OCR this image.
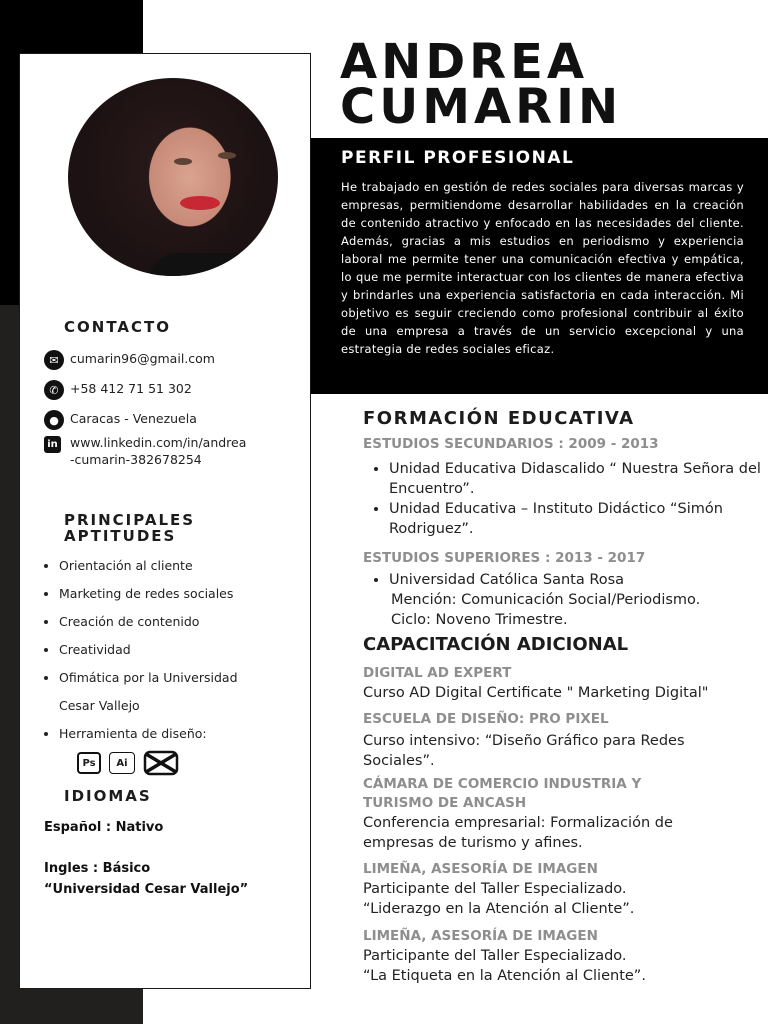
CONTACTO
✉ cumarin96@gmail.com
✆ +58 412 71 51 302
● Caracas - Venezuela
in www.linkedin.com/in/andrea
-cumarin-382678254
PRINCIPALES
APTITUDES
• Orientación al cliente
• Marketing de redes sociales
• Creación de contenido
• Creatividad
• Ofimática por la Universidad
Cesar Vallejo
• Herramienta de diseño:
Ps	Ai
IDIOMAS
Español : Nativo
Ingles : Básico
“Universidad Cesar Vallejo”
ANDREA
CUMARIN
PERFIL PROFESIONAL

He trabajado en gestión de redes sociales para diversas marcas y empresas, permitiendome desarrollar habilidades en la creación de contenido atractivo y enfocado en las necesidades del cliente. Además, gracias a mis estudios en periodismo y experiencia laboral me permite tener una comunicación efectiva y empática, lo que me permite interactuar con los clientes de manera efectiva y brindarles una experiencia satisfactoria en cada interacción. Mi objetivo es seguir creciendo como profesional contribuir al éxito de una empresa a través de un servicio excepcional y una estrategia de redes sociales eficaz.

FORMACIÓN EDUCATIVA
ESTUDIOS SECUNDARIOS : 2009 - 2013
• Unidad Educativa Didascalido “ Nuestra Señora del Encuentro”.
• Unidad Educativa – Instituto Didáctico “Simón Rodriguez”.
ESTUDIOS SUPERIORES : 2013 - 2017
• Universidad Católica Santa Rosa
Mención: Comunicación Social/Periodismo.
Ciclo: Noveno Trimestre.
CAPACITACIÓN ADICIONAL
DIGITAL AD EXPERT
Curso AD Digital Certificate " Marketing Digital"
ESCUELA DE DISEÑO: PRO PIXEL
Curso intensivo: “Diseño Gráfico para Redes Sociales”.
CÁMARA DE COMERCIO INDUSTRIA Y TURISMO DE ANCASH
Conferencia empresarial: Formalización de empresas de turismo y afines.
LIMEÑA, ASESORÍA DE IMAGEN
Participante del Taller Especializado.
“Liderazgo en la Atención al Cliente”.
LIMEÑA, ASESORÍA DE IMAGEN
Participante del Taller Especializado.
“La Etiqueta en la Atención al Cliente”.
